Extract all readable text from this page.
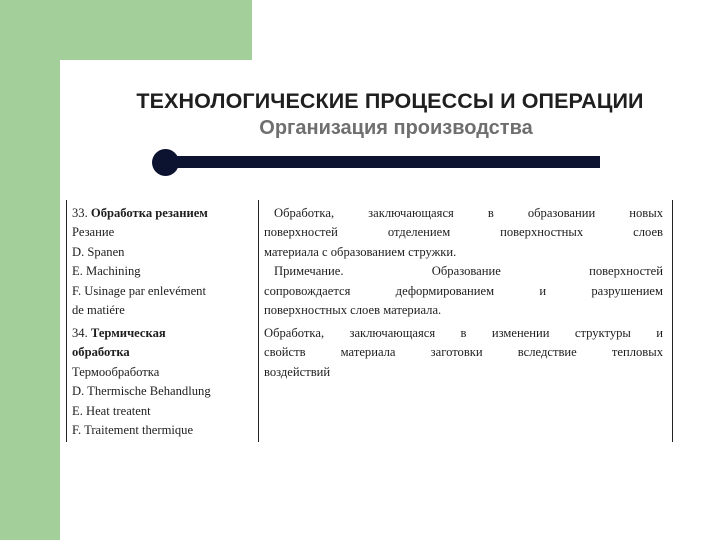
ТЕХНОЛОГИЧЕСКИЕ ПРОЦЕССЫ И ОПЕРАЦИИ
Организация производства
33. Обработка резанием
Резание
D. Spanen
E. Machining
F. Usinage par enlevément
de matiére
Обработка, заключающаяся в образовании новых
поверхностей отделением поверхностных слоев
материала с образованием стружки.
Примечание. Образование поверхностей
сопровождается деформированием и разрушением
поверхностных слоев материала.
34. Термическая
обработка
Термообработка
D. Thermische Behandlung
E. Heat treatent
F. Traitement thermique
Обработка, заключающаяся в изменении структуры и
свойств материала заготовки вследствие тепловых
воздействий
